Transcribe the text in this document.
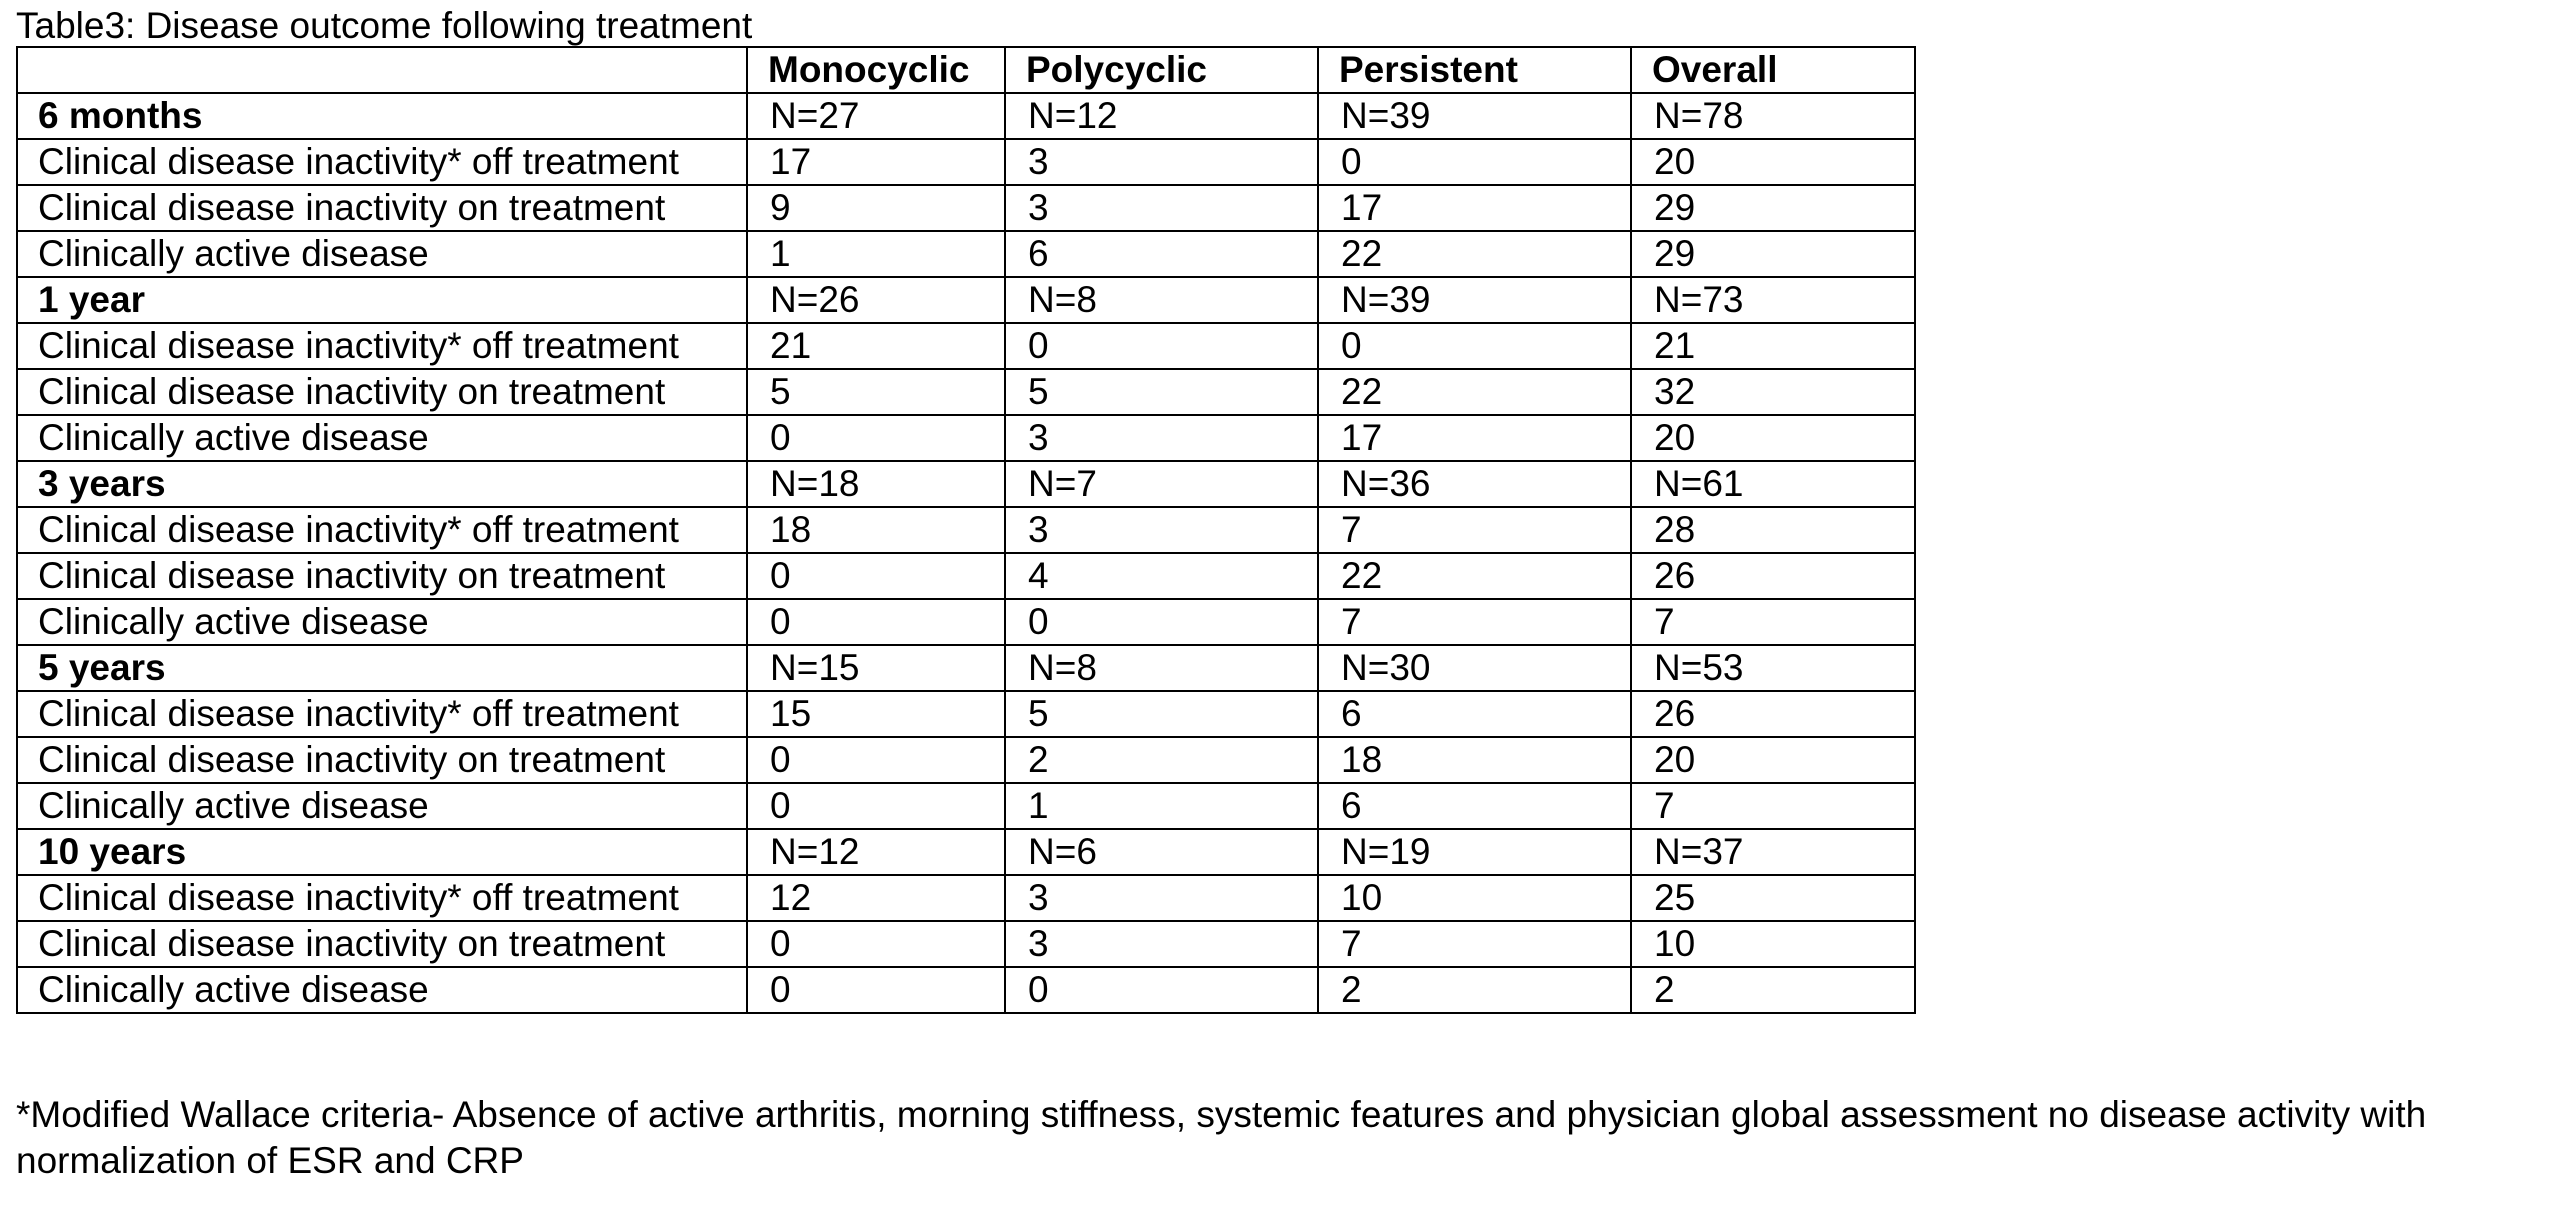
Table3: Disease outcome following treatment
	Monocyclic	Polycyclic	Persistent	Overall
6 months	N=27	N=12	N=39	N=78
Clinical disease inactivity* off treatment	17	3	0	20
Clinical disease inactivity on treatment	9	3	17	29
Clinically active disease	1	6	22	29
1 year	N=26	N=8	N=39	N=73
Clinical disease inactivity* off treatment	21	0	0	21
Clinical disease inactivity on treatment	5	5	22	32
Clinically active disease	0	3	17	20
3 years	N=18	N=7	N=36	N=61
Clinical disease inactivity* off treatment	18	3	7	28
Clinical disease inactivity on treatment	0	4	22	26
Clinically active disease	0	0	7	7
5 years	N=15	N=8	N=30	N=53
Clinical disease inactivity* off treatment	15	5	6	26
Clinical disease inactivity on treatment	0	2	18	20
Clinically active disease	0	1	6	7
10 years	N=12	N=6	N=19	N=37
Clinical disease inactivity* off treatment	12	3	10	25
Clinical disease inactivity on treatment	0	3	7	10
Clinically active disease	0	0	2	2
*Modified Wallace criteria- Absence of active arthritis, morning stiffness, systemic features and physician global assessment no disease activity with normalization of ESR and CRP
